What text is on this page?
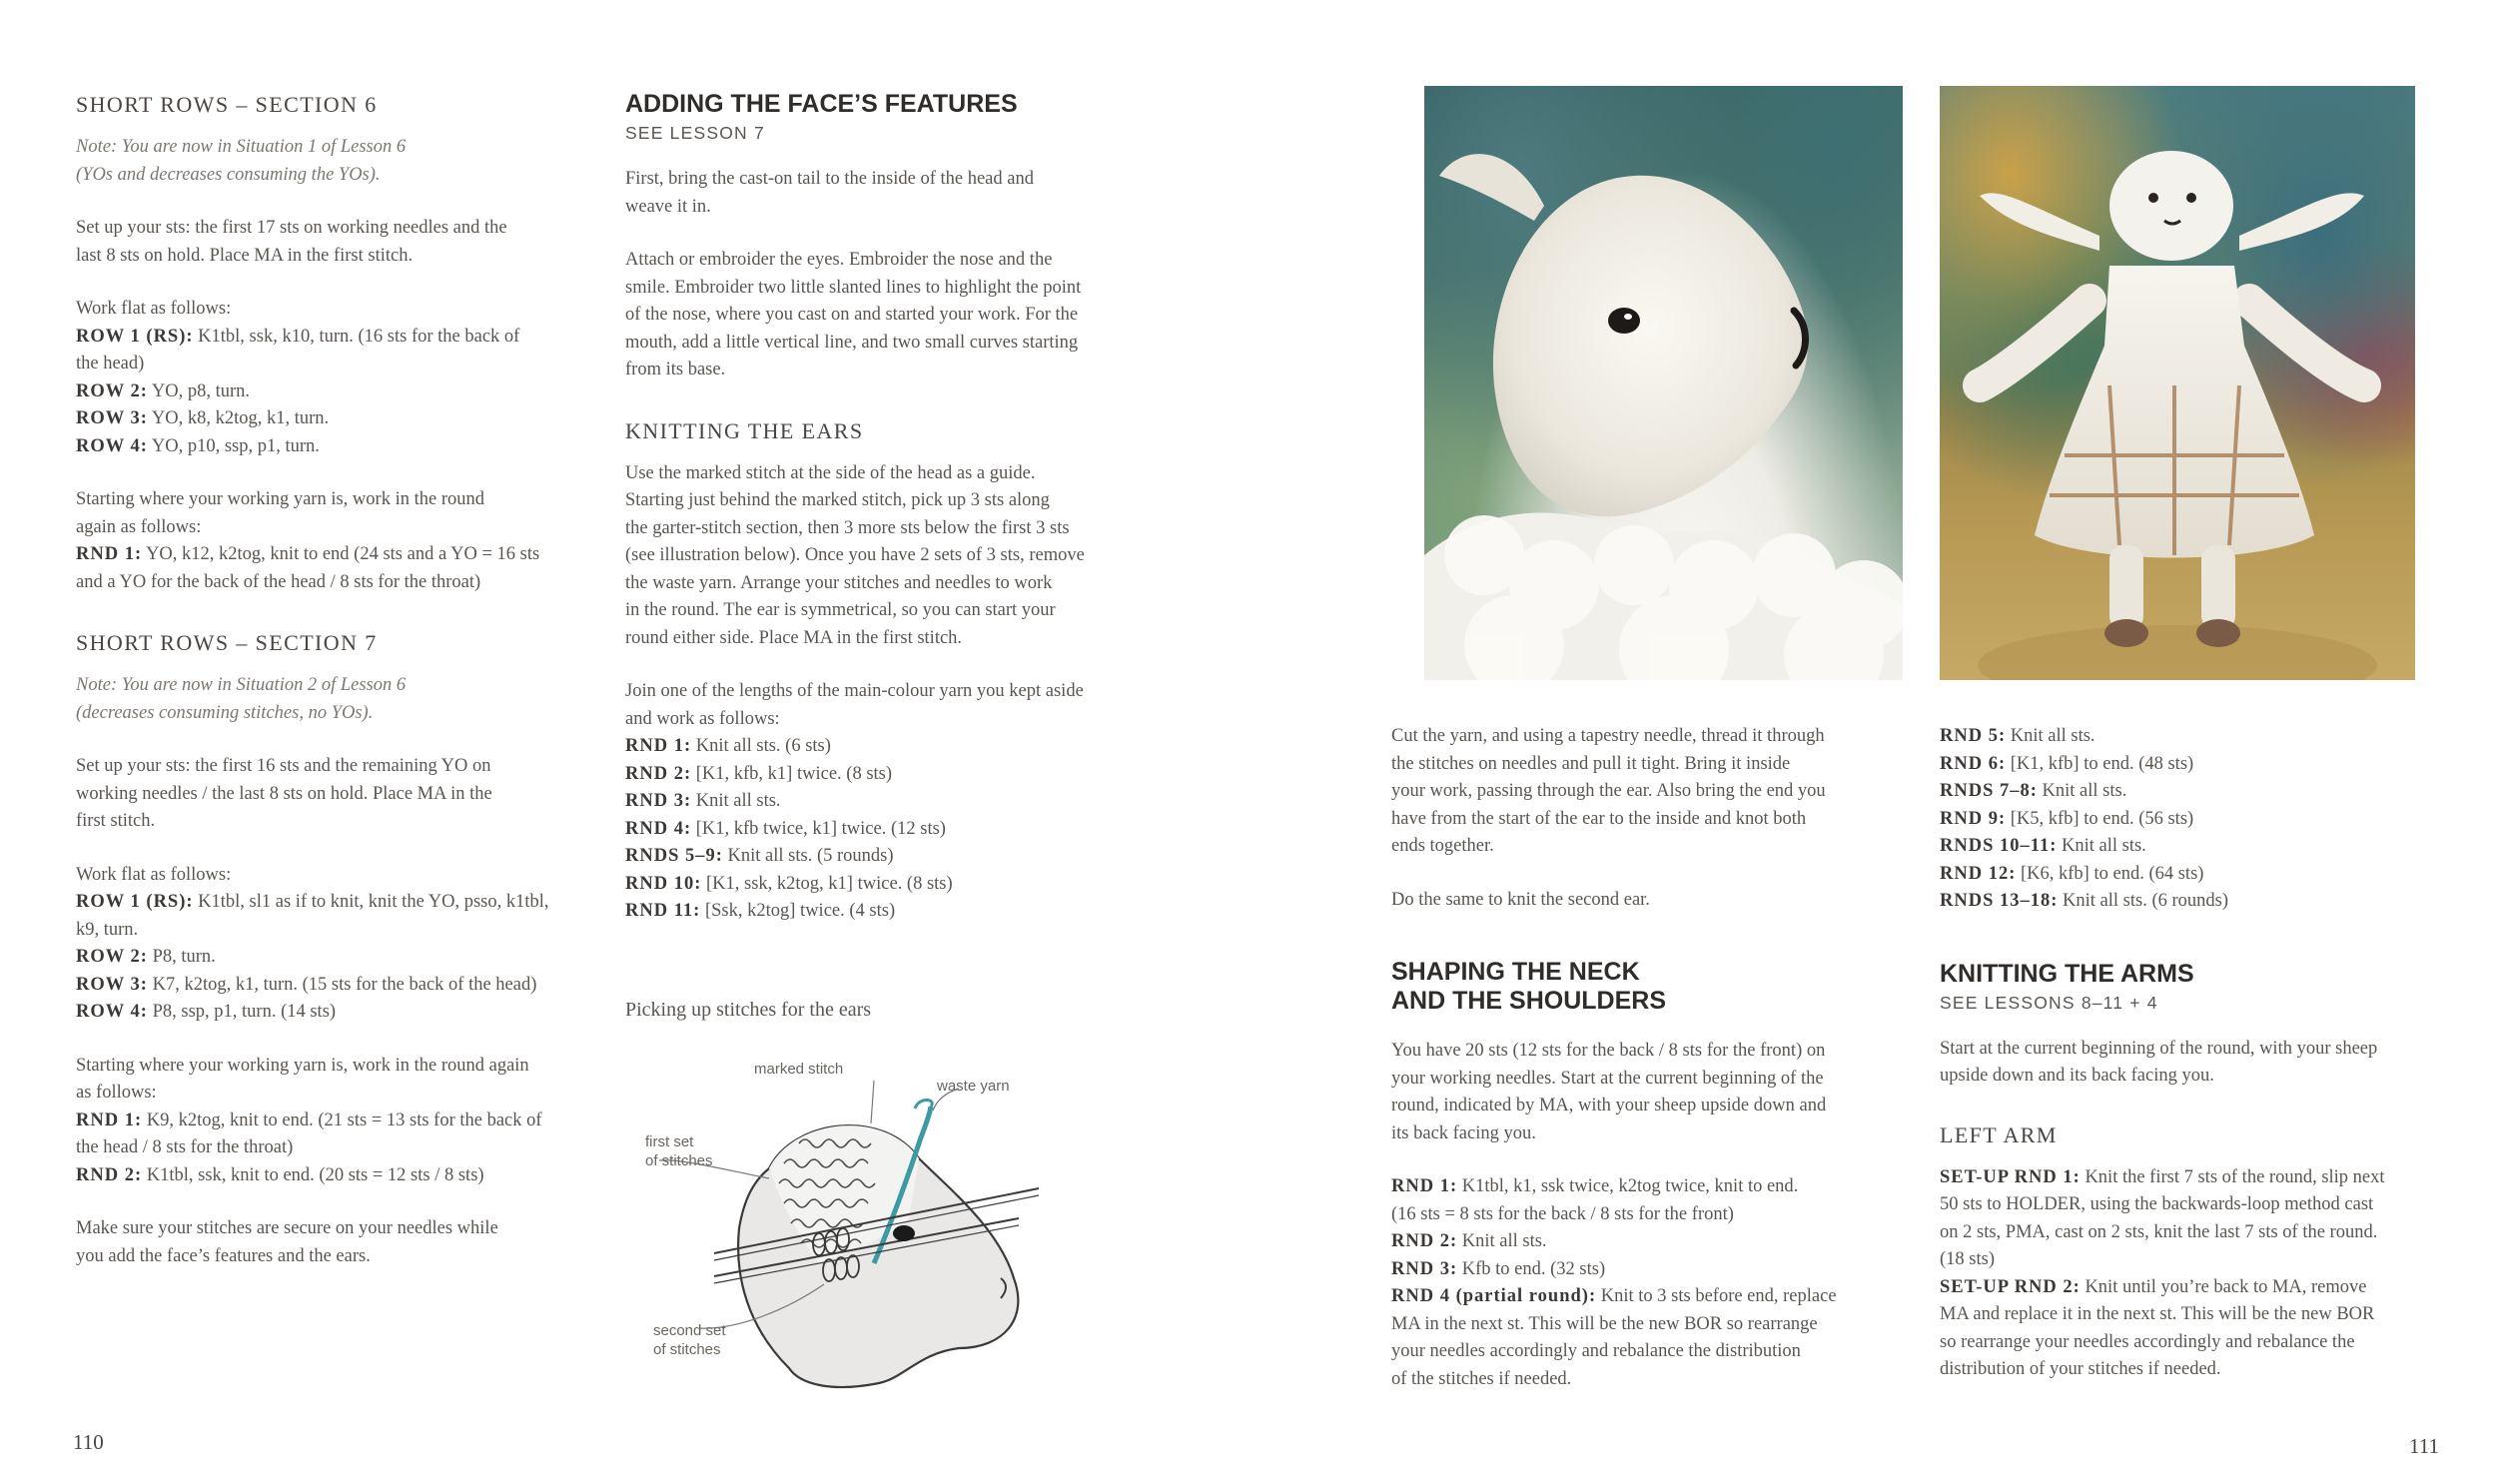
SHORT ROWS – SECTION 6
Note: You are now in Situation 1 of Lesson 6
(YOs and decreases consuming the YOs).
Set up your sts: the first 17 sts on working needles and the
last 8 sts on hold. Place MA in the first stitch.
Work flat as follows:
ROW 1 (RS): K1tbl, ssk, k10, turn. (16 sts for the back of
the head)
ROW 2: YO, p8, turn.
ROW 3: YO, k8, k2tog, k1, turn.
ROW 4: YO, p10, ssp, p1, turn.
Starting where your working yarn is, work in the round
again as follows:
RND 1: YO, k12, k2tog, knit to end (24 sts and a YO = 16 sts
and a YO for the back of the head / 8 sts for the throat)
SHORT ROWS – SECTION 7
Note: You are now in Situation 2 of Lesson 6
(decreases consuming stitches, no YOs).
Set up your sts: the first 16 sts and the remaining YO on
working needles / the last 8 sts on hold. Place MA in the
first stitch.
Work flat as follows:
ROW 1 (RS): K1tbl, sl1 as if to knit, knit the YO, psso, k1tbl,
k9, turn.
ROW 2: P8, turn.
ROW 3: K7, k2tog, k1, turn. (15 sts for the back of the head)
ROW 4: P8, ssp, p1, turn. (14 sts)
Starting where your working yarn is, work in the round again
as follows:
RND 1: K9, k2tog, knit to end. (21 sts = 13 sts for the back of
the head / 8 sts for the throat)
RND 2: K1tbl, ssk, knit to end. (20 sts = 12 sts / 8 sts)
Make sure your stitches are secure on your needles while
you add the face’s features and the ears.
ADDING THE FACE’S FEATURES
SEE LESSON 7
First, bring the cast-on tail to the inside of the head and
weave it in.
Attach or embroider the eyes. Embroider the nose and the
smile. Embroider two little slanted lines to highlight the point
of the nose, where you cast on and started your work. For the
mouth, add a little vertical line, and two small curves starting
from its base.
KNITTING THE EARS
Use the marked stitch at the side of the head as a guide.
Starting just behind the marked stitch, pick up 3 sts along
the garter-stitch section, then 3 more sts below the first 3 sts
(see illustration below). Once you have 2 sets of 3 sts, remove
the waste yarn. Arrange your stitches and needles to work
in the round. The ear is symmetrical, so you can start your
round either side. Place MA in the first stitch.
Join one of the lengths of the main-colour yarn you kept aside
and work as follows:
RND 1: Knit all sts. (6 sts)
RND 2: [K1, kfb, k1] twice. (8 sts)
RND 3: Knit all sts.
RND 4: [K1, kfb twice, k1] twice. (12 sts)
RNDS 5–9: Knit all sts. (5 rounds)
RND 10: [K1, ssk, k2tog, k1] twice. (8 sts)
RND 11: [Ssk, k2tog] twice. (4 sts)
Picking up stitches for the ears
marked stitch
waste yarn
first set
of stitches
second set
of stitches
110
Cut the yarn, and using a tapestry needle, thread it through
the stitches on needles and pull it tight. Bring it inside
your work, passing through the ear. Also bring the end you
have from the start of the ear to the inside and knot both
ends together.
Do the same to knit the second ear.
SHAPING THE NECK
AND THE SHOULDERS
You have 20 sts (12 sts for the back / 8 sts for the front) on
your working needles. Start at the current beginning of the
round, indicated by MA, with your sheep upside down and
its back facing you.
RND 1: K1tbl, k1, ssk twice, k2tog twice, knit to end.
(16 sts = 8 sts for the back / 8 sts for the front)
RND 2: Knit all sts.
RND 3: Kfb to end. (32 sts)
RND 4 (partial round): Knit to 3 sts before end, replace
MA in the next st. This will be the new BOR so rearrange
your needles accordingly and rebalance the distribution
of the stitches if needed.
RND 5: Knit all sts.
RND 6: [K1, kfb] to end. (48 sts)
RNDS 7–8: Knit all sts.
RND 9: [K5, kfb] to end. (56 sts)
RNDS 10–11: Knit all sts.
RND 12: [K6, kfb] to end. (64 sts)
RNDS 13–18: Knit all sts. (6 rounds)
KNITTING THE ARMS
SEE LESSONS 8–11 + 4
Start at the current beginning of the round, with your sheep
upside down and its back facing you.
LEFT ARM
SET-UP RND 1: Knit the first 7 sts of the round, slip next
50 sts to HOLDER, using the backwards-loop method cast
on 2 sts, PMA, cast on 2 sts, knit the last 7 sts of the round.
(18 sts)
SET-UP RND 2: Knit until you’re back to MA, remove
MA and replace it in the next st. This will be the new BOR
so rearrange your needles accordingly and rebalance the
distribution of your stitches if needed.
111
